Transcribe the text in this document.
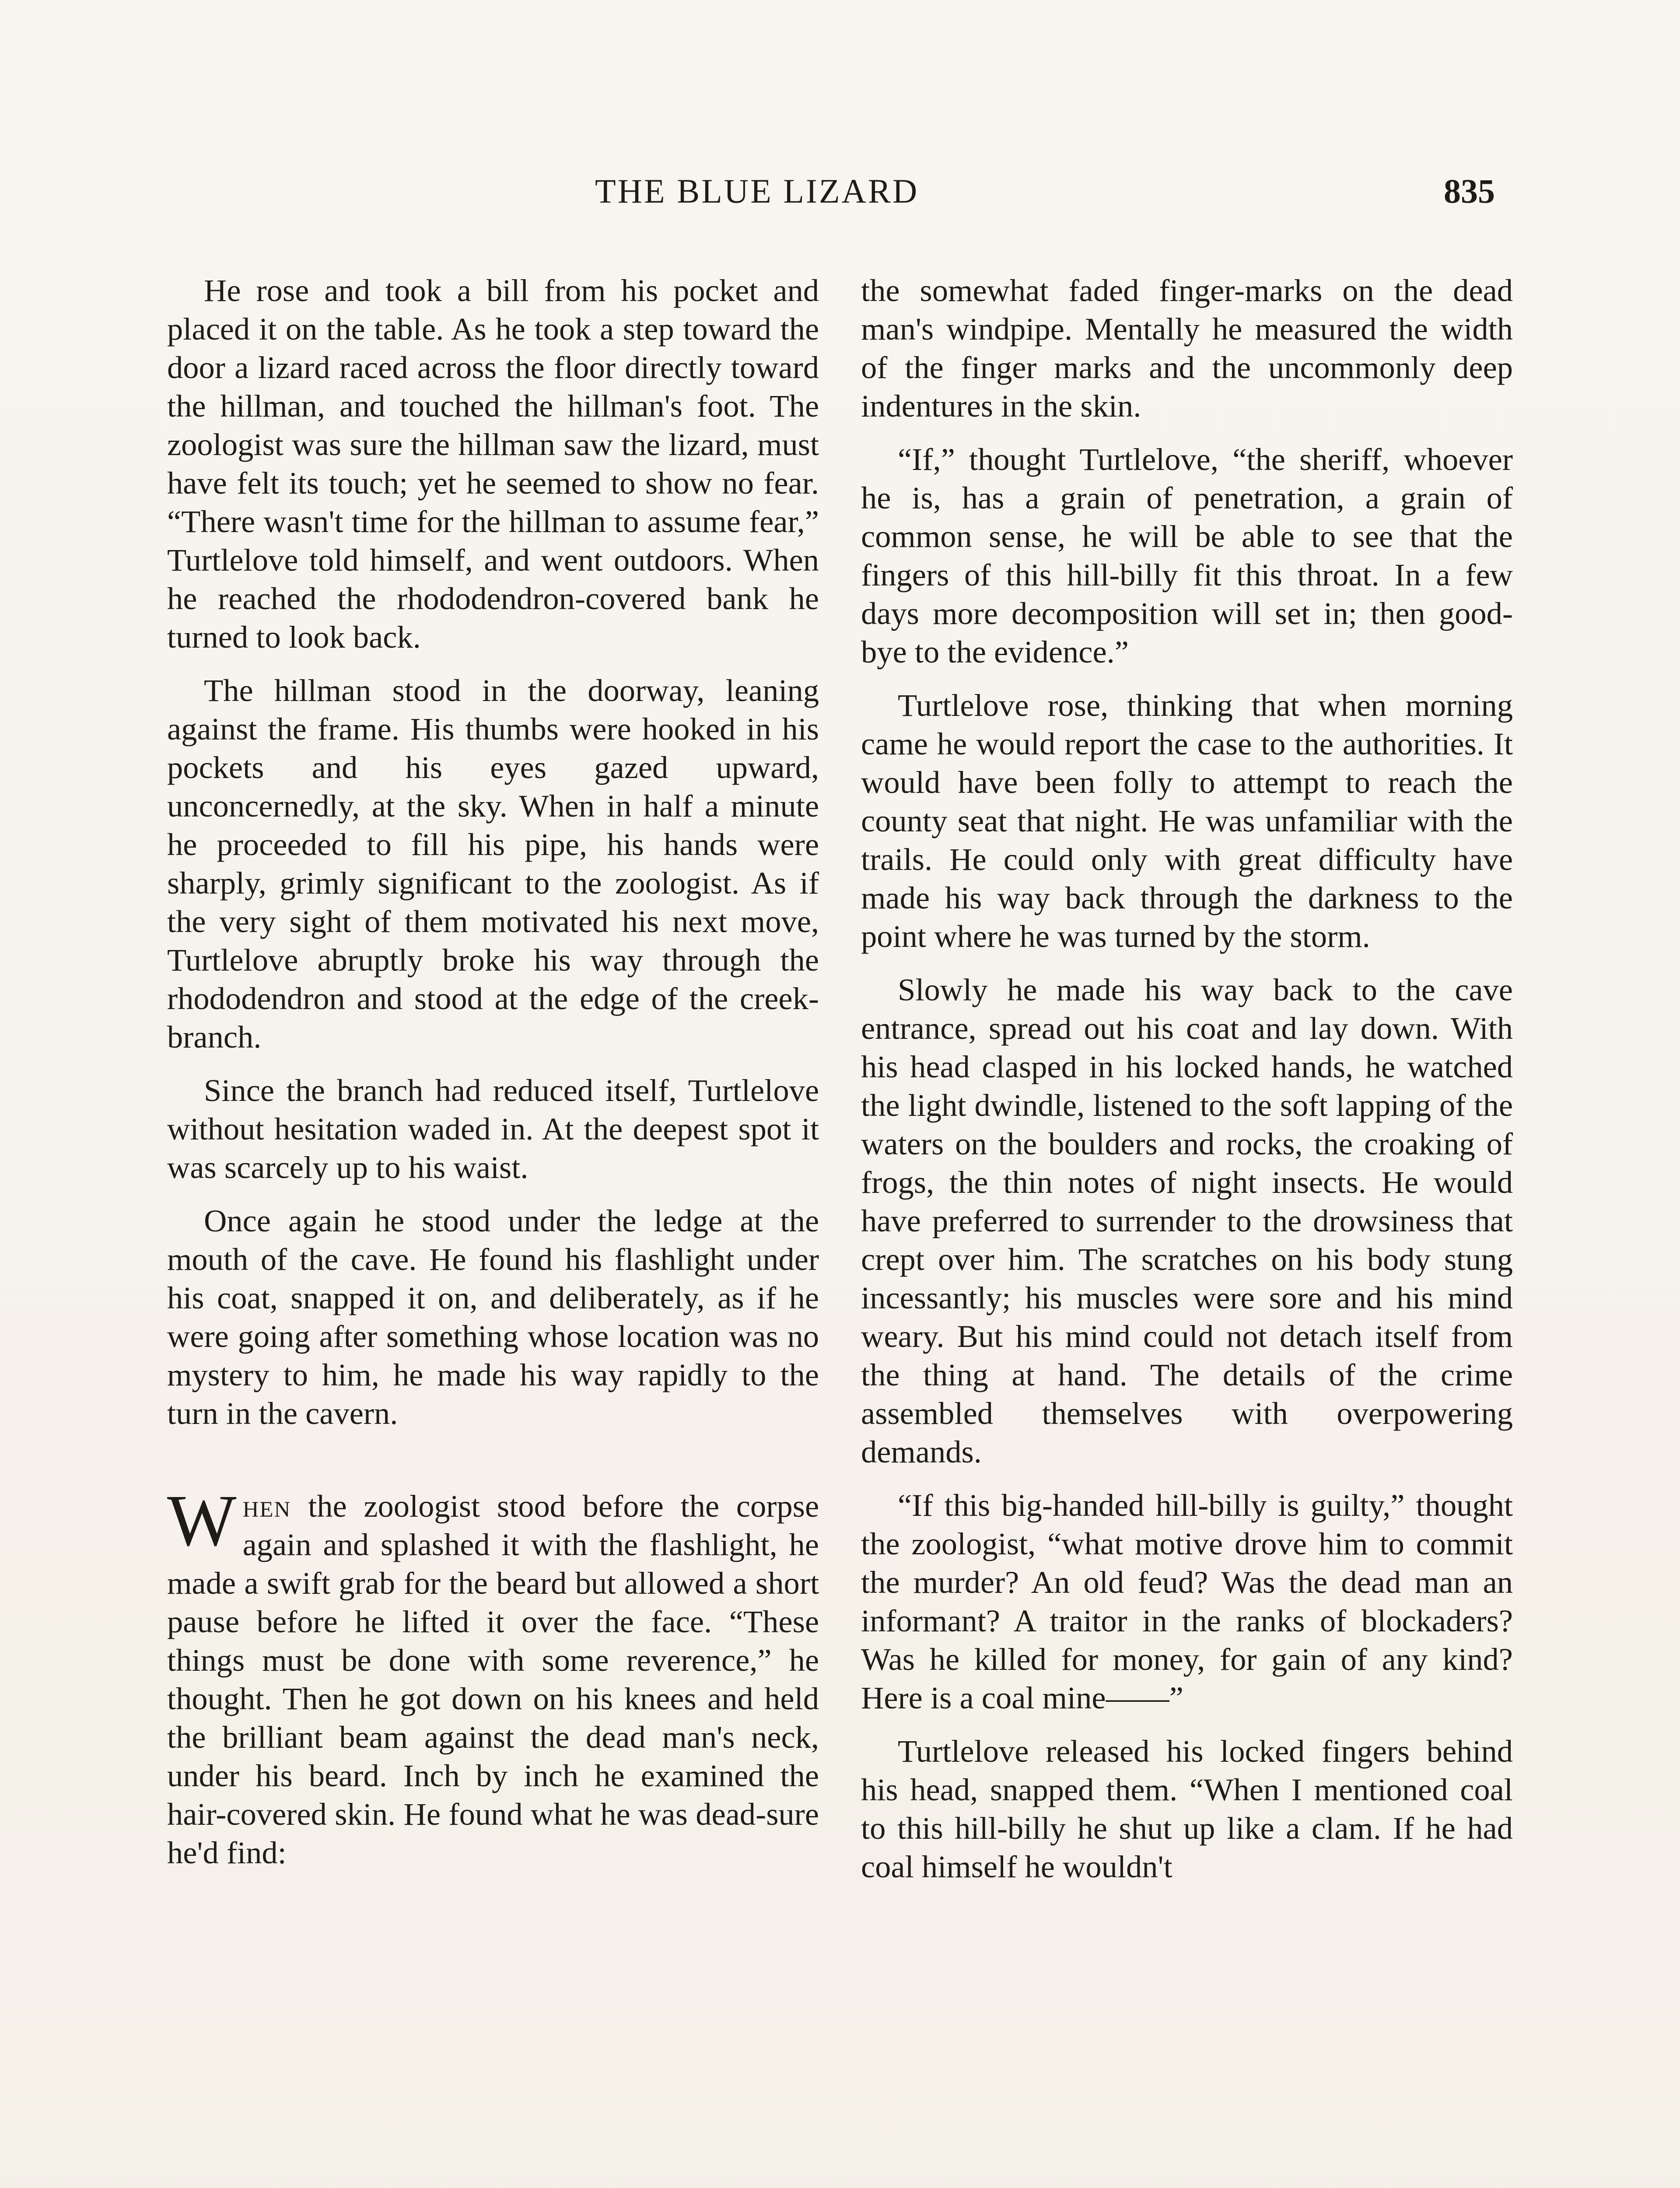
THE BLUE LIZARD	835

He rose and took a bill from his pocket and placed it on the table. As he took a step toward the door a lizard raced across the floor directly toward the hillman, and touched the hillman's foot. The zoologist was sure the hillman saw the lizard, must have felt its touch; yet he seemed to show no fear. “There wasn't time for the hillman to assume fear,” Turtlelove told himself, and went outdoors. When he reached the rhododendron-covered bank he turned to look back.

The hillman stood in the doorway, leaning against the frame. His thumbs were hooked in his pockets and his eyes gazed upward, unconcernedly, at the sky. When in half a minute he proceeded to fill his pipe, his hands were sharply, grimly significant to the zoologist. As if the very sight of them motivated his next move, Turtlelove abruptly broke his way through the rhododendron and stood at the edge of the creek-branch.

Since the branch had reduced itself, Turtlelove without hesitation waded in. At the deepest spot it was scarcely up to his waist.

Once again he stood under the ledge at the mouth of the cave. He found his flashlight under his coat, snapped it on, and deliberately, as if he were going after something whose location was no mystery to him, he made his way rapidly to the turn in the cavern.

When the zoologist stood before the corpse again and splashed it with the flashlight, he made a swift grab for the beard but allowed a short pause before he lifted it over the face. “These things must be done with some reverence,” he thought. Then he got down on his knees and held the brilliant beam against the dead man's neck, under his beard. Inch by inch he examined the hair-covered skin. He found what he was dead-sure he'd find:

the somewhat faded finger-marks on the dead man's windpipe. Mentally he measured the width of the finger marks and the uncommonly deep indentures in the skin.

“If,” thought Turtlelove, “the sheriff, whoever he is, has a grain of penetration, a grain of common sense, he will be able to see that the fingers of this hill-billy fit this throat. In a few days more decomposition will set in; then good-bye to the evidence.”

Turtlelove rose, thinking that when morning came he would report the case to the authorities. It would have been folly to attempt to reach the county seat that night. He was unfamiliar with the trails. He could only with great difficulty have made his way back through the darkness to the point where he was turned by the storm.

Slowly he made his way back to the cave entrance, spread out his coat and lay down. With his head clasped in his locked hands, he watched the light dwindle, listened to the soft lapping of the waters on the boulders and rocks, the croaking of frogs, the thin notes of night insects. He would have preferred to surrender to the drowsiness that crept over him. The scratches on his body stung incessantly; his muscles were sore and his mind weary. But his mind could not detach itself from the thing at hand. The details of the crime assembled themselves with overpowering demands.

“If this big-handed hill-billy is guilty,” thought the zoologist, “what motive drove him to commit the murder? An old feud? Was the dead man an informant? A traitor in the ranks of blockaders? Was he killed for money, for gain of any kind? Here is a coal mine——”

Turtlelove released his locked fingers behind his head, snapped them. “When I mentioned coal to this hill-billy he shut up like a clam. If he had coal himself he wouldn't
